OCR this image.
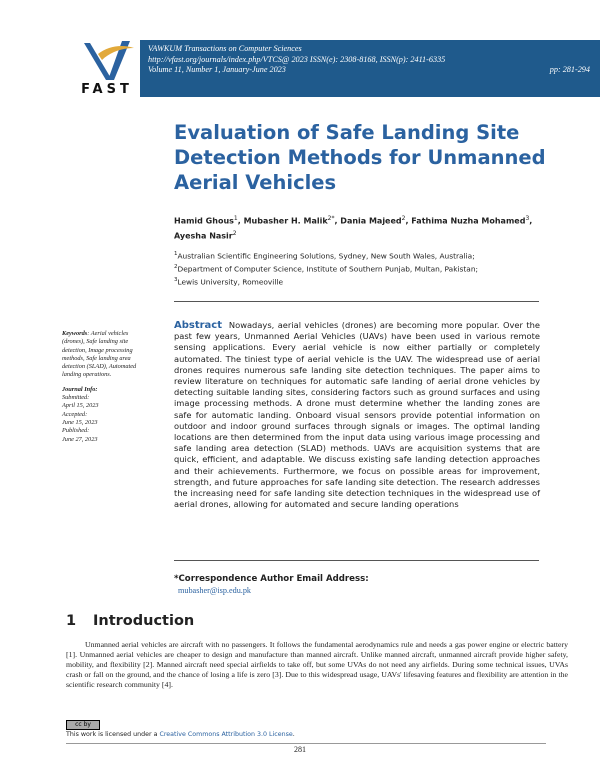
FAST
VAWKUM Transactions on Computer Sciences
http://vfast.org/journals/index.php/VTCS@ 2023 ISSN(e): 2308-8168, ISSN(p): 2411-6335
Volume 11, Number 1, January-June 2023	pp: 281-294
Evaluation of Safe Landing Site Detection Methods for Unmanned Aerial Vehicles
Hamid Ghous$^1$, Mubasher H. Malik$^{2*}$, Dania Majeed$^2$, Fathima Nuzha Mohamed$^3$,
Ayesha Nasir$^2$
$^1$Australian Scientific Engineering Solutions, Sydney, New South Wales, Australia;
$^2$Department of Computer Science, Institute of Southern Punjab, Multan, Pakistan;
$^3$Lewis University, Romeoville
Keywords: Aerial vehicles (drones), Safe landing site detection, Image processing methods, Safe landing area detection (SLAD), Automated landing operations.
Journal Info:
Submitted:
April 15, 2023
Accepted:
June 15, 2023
Published:
June 27, 2023
Abstract Nowadays, aerial vehicles (drones) are becoming more popular. Over the past few years, Unmanned Aerial Vehicles (UAVs) have been used in various remote sensing applications. Every aerial vehicle is now either partially or completely automated. The tiniest type of aerial vehicle is the UAV. The widespread use of aerial drones requires numerous safe landing site detection techniques. The paper aims to review literature on techniques for automatic safe landing of aerial drone vehicles by detecting suitable landing sites, considering factors such as ground surfaces and using image processing methods. A drone must determine whether the landing zones are safe for automatic landing. Onboard visual sensors provide potential information on outdoor and indoor ground surfaces through signals or images. The optimal landing locations are then determined from the input data using various image processing and safe landing area detection (SLAD) methods. UAVs are acquisition systems that are quick, efficient, and adaptable. We discuss existing safe landing detection approaches and their achievements. Furthermore, we focus on possible areas for improvement, strength, and future approaches for safe landing site detection. The research addresses the increasing need for safe landing site detection techniques in the widespread use of aerial drones, allowing for automated and secure landing operations
*Correspondence Author Email Address:
mubasher@isp.edu.pk
1 Introduction
Unmanned aerial vehicles are aircraft with no passengers. It follows the fundamental aerodynamics rule and needs a gas power engine or electric battery [1]. Unmanned aerial vehicles are cheaper to design and manufacture than manned aircraft. Unlike manned aircraft, unmanned aircraft provide higher safety, mobility, and flexibility [2]. Manned aircraft need special airfields to take off, but some UVAs do not need any airfields. During some technical issues, UVAs crash or fall on the ground, and the chance of losing a life is zero [3]. Due to this widespread usage, UAVs' lifesaving features and flexibility are attention in the scientific research community [4].
cc by
This work is licensed under a Creative Commons Attribution 3.0 License.
281
